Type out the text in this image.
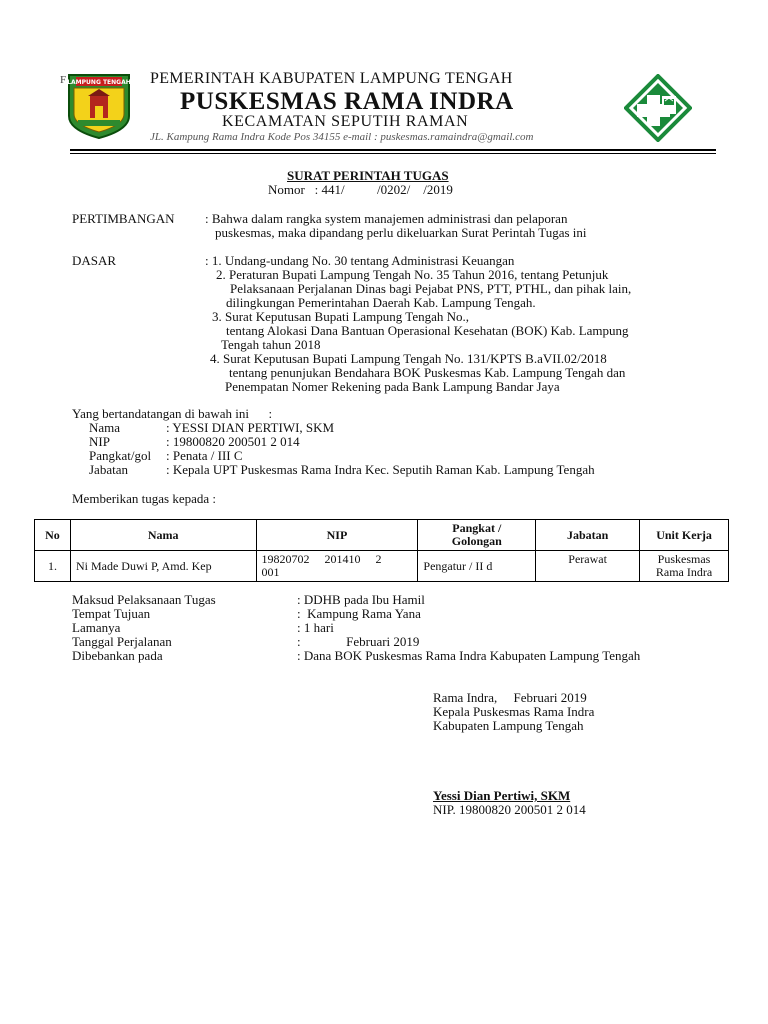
F LAMPUNG TENGAH PEMERINTAH KABUPATEN LAMPUNG TENGAH
PUSKESMAS RAMA INDRA
KECAMATAN SEPUTIH RAMAN
JL. Kampung Rama Indra Kode Pos 34155 e-mail : puskesmas.ramaindra@gmail.com
SURAT PERINTAH TUGAS
Nomor   : 441/          /0202/    /2019
PERTIMBANGAN : Bahwa dalam rangka system manajemen administrasi dan pelaporan
puskesmas, maka dipandang perlu dikeluarkan Surat Perintah Tugas ini
DASAR	: 1. Undang-undang No. 30 tentang Administrasi Keuangan
2. Peraturan Bupati Lampung Tengah No. 35 Tahun 2016, tentang Petunjuk
Pelaksanaan Perjalanan Dinas bagi Pejabat PNS, PTT, PTHL, dan pihak lain,
dilingkungan Pemerintahan Daerah Kab. Lampung Tengah.
3. Surat Keputusan Bupati Lampung Tengah No.,
tentang Alokasi Dana Bantuan Operasional Kesehatan (BOK) Kab. Lampung
Tengah tahun 2018
4. Surat Keputusan Bupati Lampung Tengah No. 131/KPTS B.aVII.02/2018
tentang penunjukan Bendahara BOK Puskesmas Kab. Lampung Tengah dan
Penempatan Nomer Rekening pada Bank Lampung Bandar Jaya
Yang bertandatangan di bawah ini      :
Nama	: YESSI DIAN PERTIWI, SKM
NIP	: 19800820 200501 2 014
Pangkat/gol : Penata / III C
Jabatan	: Kepala UPT Puskesmas Rama Indra Kec. Seputih Raman Kab. Lampung Tengah
Memberikan tugas kepada :
No	Nama	NIP	Pangkat /
Golongan	Jabatan	Unit Kerja
1.	Ni Made Duwi P, Amd. Kep	19820702     201410     2
001	Pengatur / II d	Perawat	Puskesmas
Rama Indra
Maksud Pelaksanaan Tugas	: DDHB pada Ibu Hamil
Tempat Tujuan	:  Kampung Rama Yana
Lamanya	: 1 hari
Tanggal Perjalanan	:              Februari 2019
Dibebankan pada	: Dana BOK Puskesmas Rama Indra Kabupaten Lampung Tengah
Rama Indra,     Februari 2019
Kepala Puskesmas Rama Indra
Kabupaten Lampung Tengah
Yessi Dian Pertiwi, SKM
NIP. 19800820 200501 2 014
